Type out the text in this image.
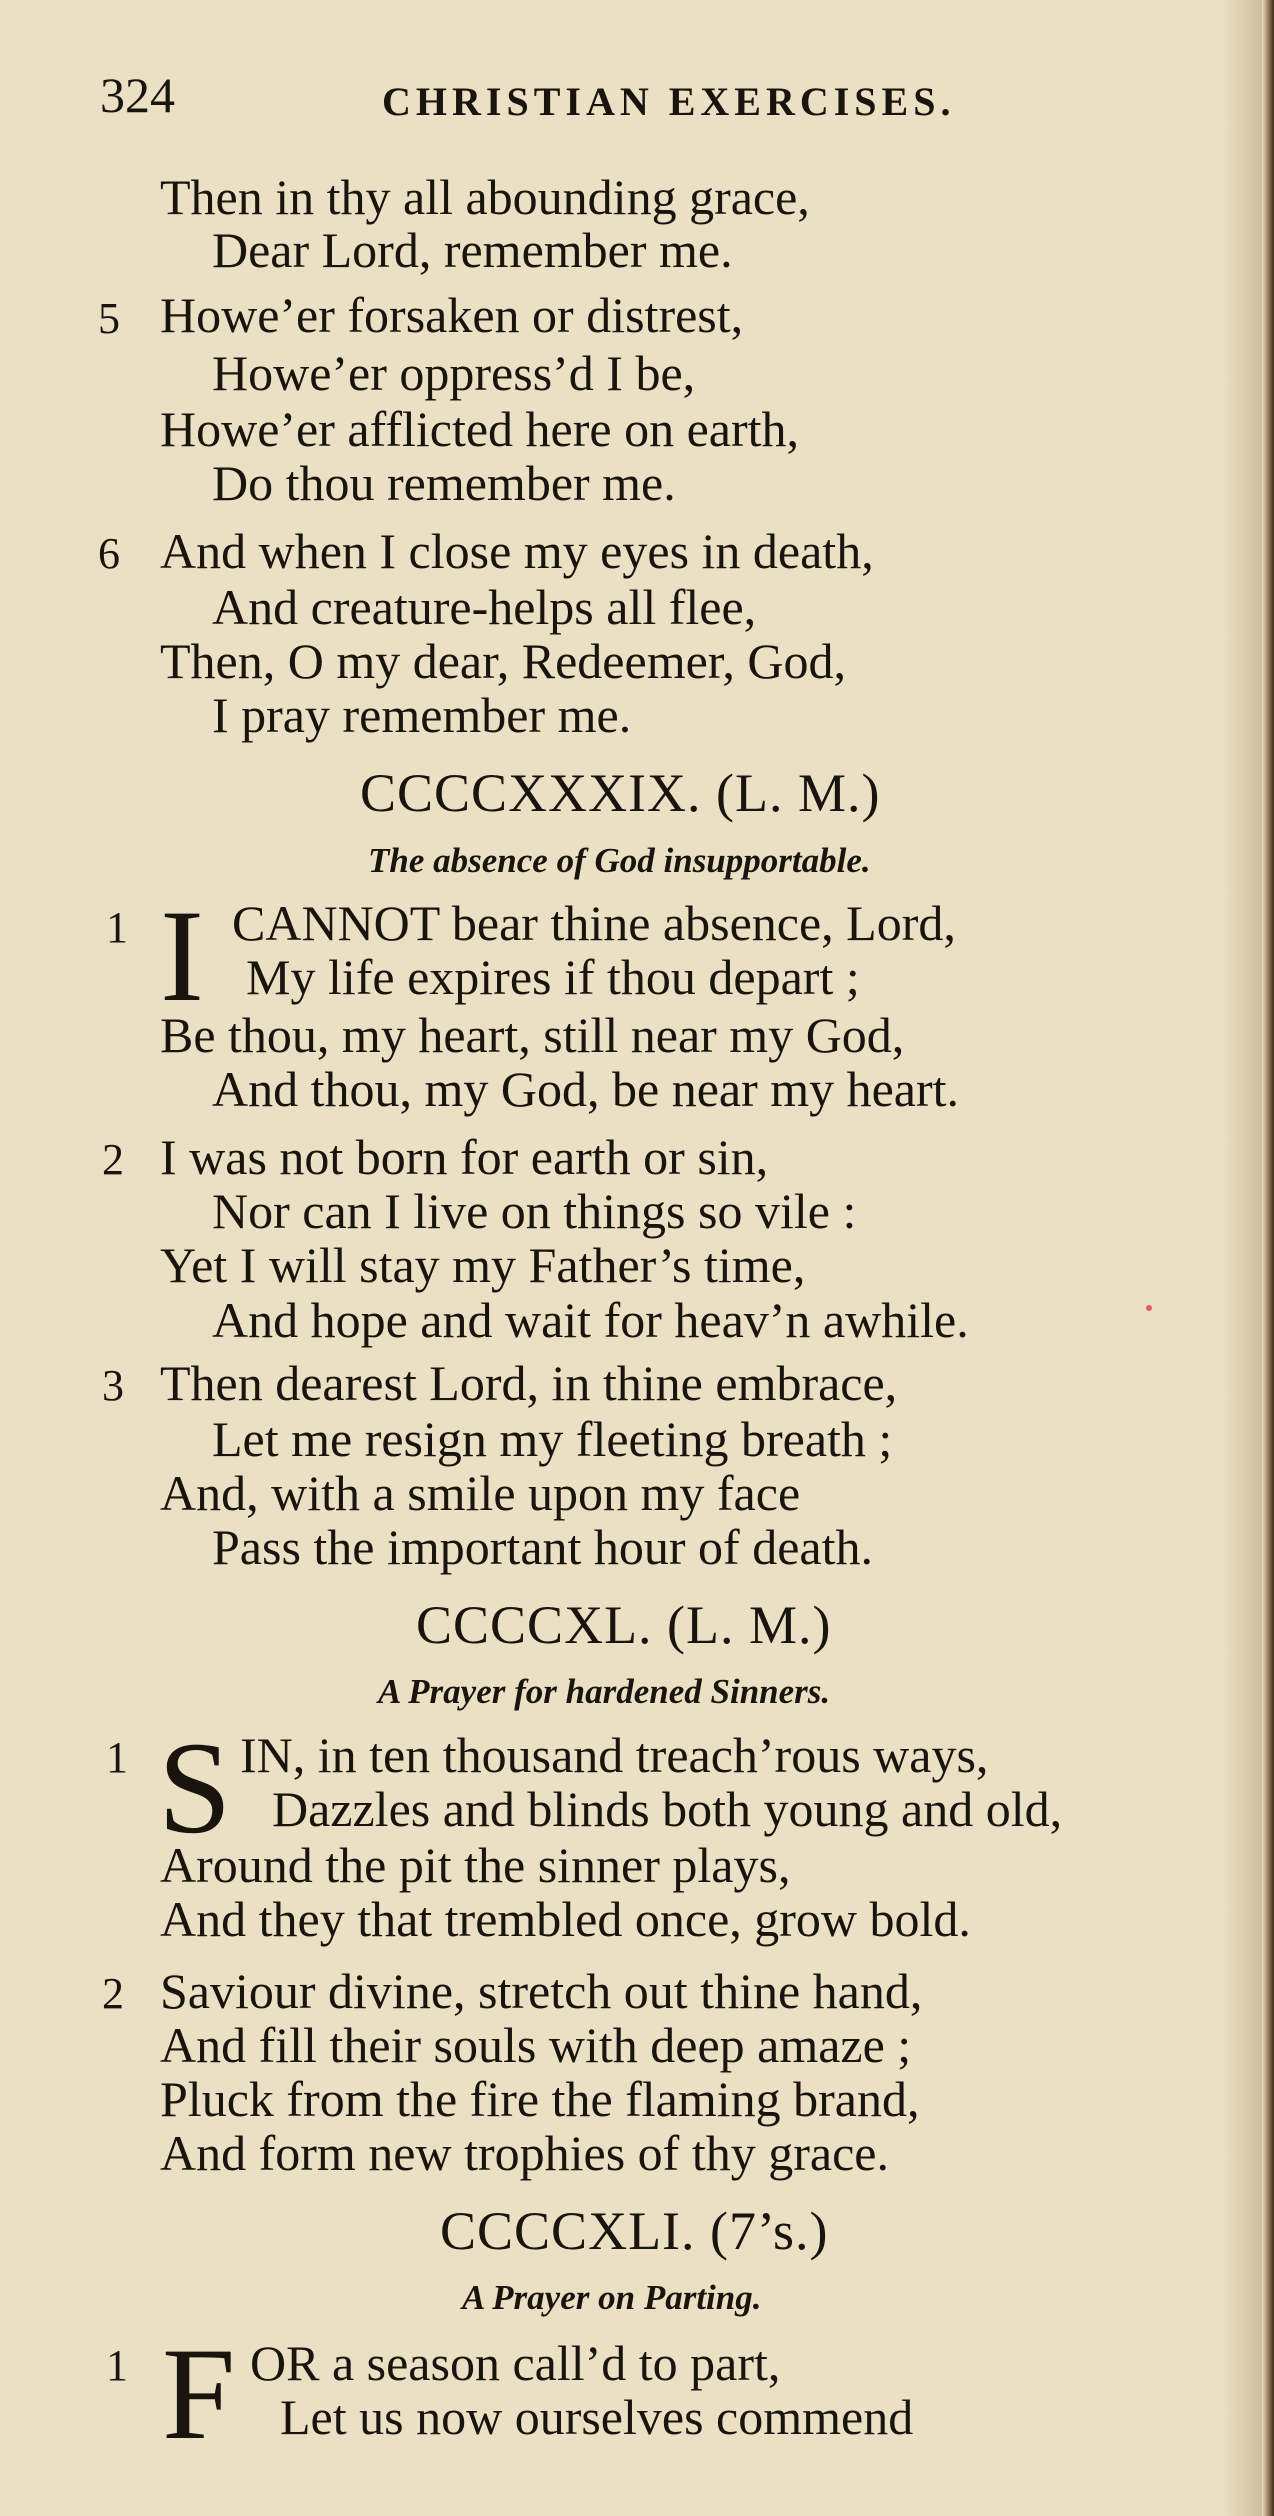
324	CHRISTIAN EXERCISES.
Then in thy all abounding grace,
Dear Lord, remember me.
5 Howe’er forsaken or distrest,
Howe’er oppress’d I be,
Howe’er afflicted here on earth,
Do thou remember me.
6 And when I close my eyes in death,
And creature-helps all flee,
Then, O my dear, Redeemer, God,
I pray remember me.
CCCCXXXIX. (L. M.)
The absence of God insupportable.
1 I CANNOT bear thine absence, Lord,
My life expires if thou depart ;
Be thou, my heart, still near my God,
And thou, my God, be near my heart.
2 I was not born for earth or sin,
Nor can I live on things so vile :
Yet I will stay my Father’s time,
And hope and wait for heav’n awhile.
3 Then dearest Lord, in thine embrace,
Let me resign my fleeting breath ;
And, with a smile upon my face
Pass the important hour of death.
CCCCXL. (L. M.)
A Prayer for hardened Sinners.
1 S IN, in ten thousand treach’rous ways,
Dazzles and blinds both young and old,
Around the pit the sinner plays,
And they that trembled once, grow bold.
2 Saviour divine, stretch out thine hand,
And fill their souls with deep amaze ;
Pluck from the fire the flaming brand,
And form new trophies of thy grace.
CCCCXLI. (7’s.)
A Prayer on Parting.
1 F OR a season call’d to part,
Let us now ourselves commend
